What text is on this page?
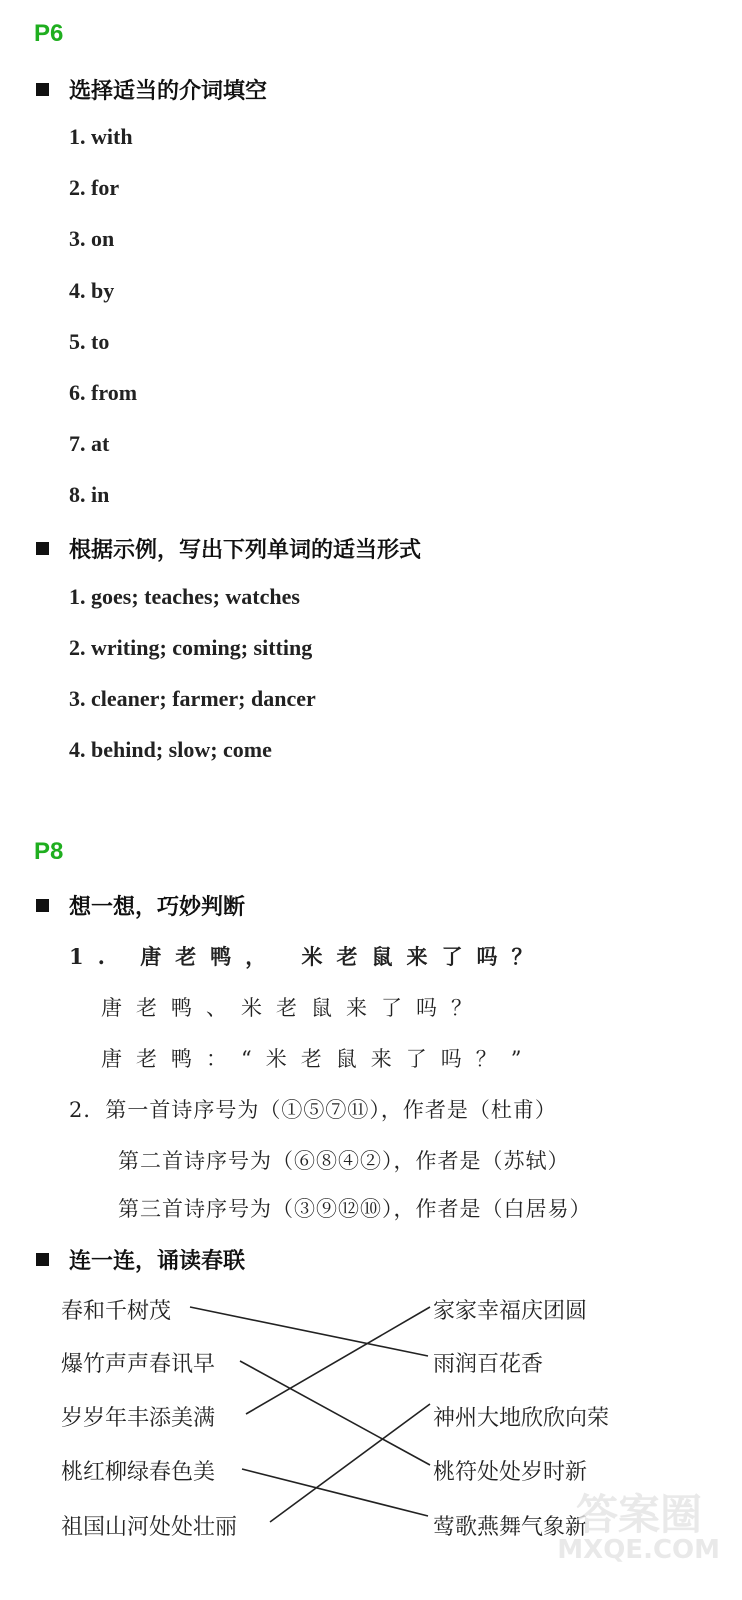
P6
选择适当的介词填空
1. with
2. for
3. on
4. by
5. to
6. from
7. at
8. in
根据示例，写出下列单词的适当形式
1. goes; teaches; watches
2. writing; coming; sitting
3. cleaner; farmer; dancer
4. behind; slow; come
P8
想一想，巧妙判断
1. 唐老鸭， 米老鼠来了吗？
唐老鸭、米老鼠来了吗？
唐老鸭：“米老鼠来了吗？”
2．第一首诗序号为（①⑤⑦⑪），作者是（杜甫）
第二首诗序号为（⑥⑧④②），作者是（苏轼）
第三首诗序号为（③⑨⑫⑩），作者是（白居易）
连一连，诵读春联
春和千树茂
爆竹声声春讯早
岁岁年丰添美满
桃红柳绿春色美
祖国山河处处壮丽
家家幸福庆团圆
雨润百花香
神州大地欣欣向荣
桃符处处岁时新
莺歌燕舞气象新
答案圈
MXQE.COM
